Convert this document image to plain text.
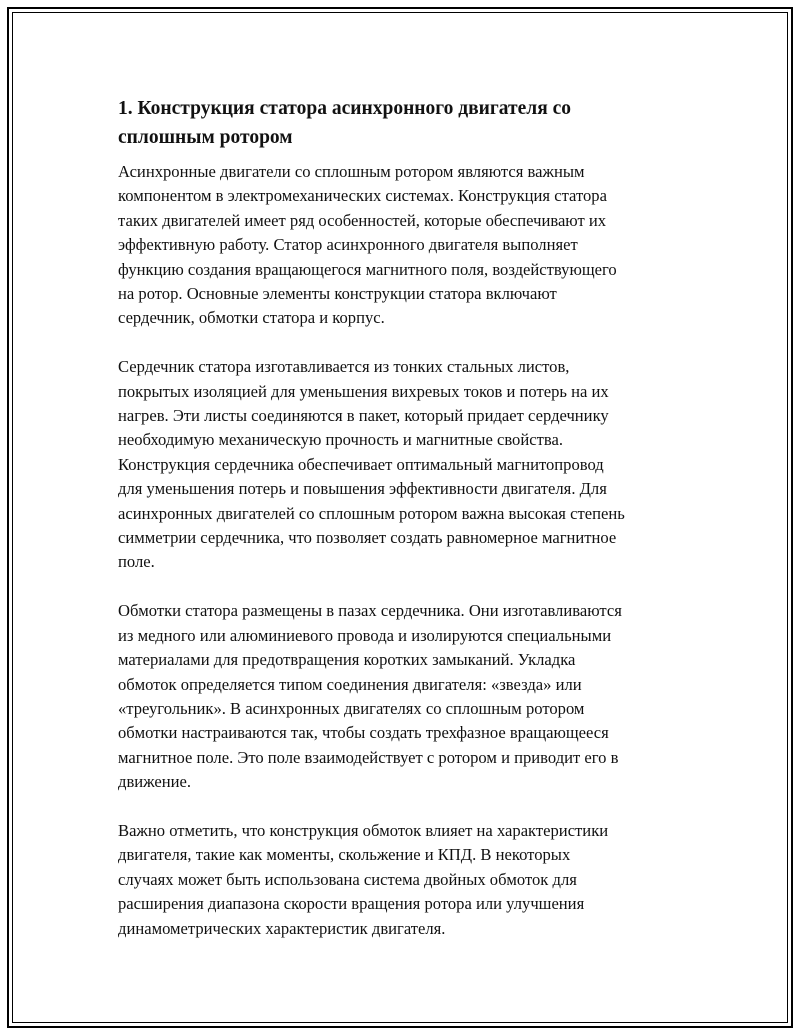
1. Конструкция статора асинхронного двигателя со
сплошным ротором

Асинхронные двигатели со сплошным ротором являются важным
компонентом в электромеханических системах. Конструкция статора
таких двигателей имеет ряд особенностей, которые обеспечивают их
эффективную работу. Статор асинхронного двигателя выполняет
функцию создания вращающегося магнитного поля, воздействующего
на ротор. Основные элементы конструкции статора включают
сердечник, обмотки статора и корпус.

Сердечник статора изготавливается из тонких стальных листов,
покрытых изоляцией для уменьшения вихревых токов и потерь на их
нагрев. Эти листы соединяются в пакет, который придает сердечнику
необходимую механическую прочность и магнитные свойства.
Конструкция сердечника обеспечивает оптимальный магнитопровод
для уменьшения потерь и повышения эффективности двигателя. Для
асинхронных двигателей со сплошным ротором важна высокая степень
симметрии сердечника, что позволяет создать равномерное магнитное
поле.

Обмотки статора размещены в пазах сердечника. Они изготавливаются
из медного или алюминиевого провода и изолируются специальными
материалами для предотвращения коротких замыканий. Укладка
обмоток определяется типом соединения двигателя: «звезда» или
«треугольник». В асинхронных двигателях со сплошным ротором
обмотки настраиваются так, чтобы создать трехфазное вращающееся
магнитное поле. Это поле взаимодействует с ротором и приводит его в
движение.

Важно отметить, что конструкция обмоток влияет на характеристики
двигателя, такие как моменты, скольжение и КПД. В некоторых
случаях может быть использована система двойных обмоток для
расширения диапазона скорости вращения ротора или улучшения
динамометрических характеристик двигателя.
